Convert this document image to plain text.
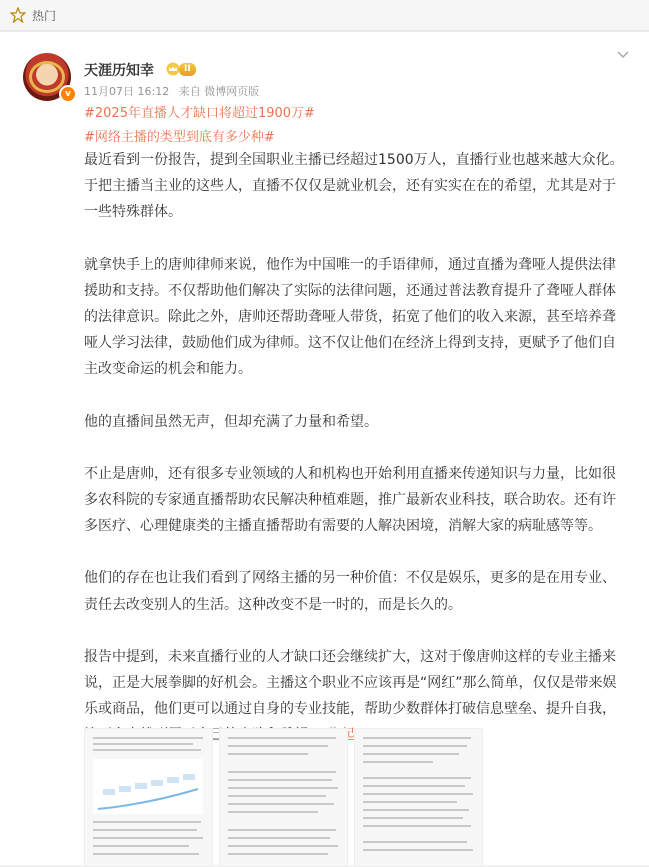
热门
v
天涯历知幸	II
11月07日 16:12 来自 微博网页版
#2025年直播人才缺口将超过1900万#
#网络主播的类型到底有多少种#

最近看到一份报告，提到全国职业主播已经超过1500万人，直播行业也越来越大众化。于把主播当主业的这些人，直播不仅仅是就业机会，还有实实在在的希望，尤其是对于一些特殊群体。

就拿快手上的唐帅律师来说，他作为中国唯一的手语律师，通过直播为聋哑人提供法律援助和支持。不仅帮助他们解决了实际的法律问题，还通过普法教育提升了聋哑人群体的法律意识。除此之外，唐帅还帮助聋哑人带货，拓宽了他们的收入来源，甚至培养聋哑人学习法律，鼓励他们成为律师。这不仅让他们在经济上得到支持，更赋予了他们自主改变命运的机会和能力。

他的直播间虽然无声，但却充满了力量和希望。

不止是唐帅，还有很多专业领域的人和机构也开始利用直播来传递知识与力量，比如很多农科院的专家通直播帮助农民解决种植难题，推广最新农业科技，联合助农。还有许多医疗、心理健康类的主播直播帮助有需要的人解决困境，消解大家的病耻感等等。

他们的存在也让我们看到了网络主播的另一种价值：不仅是娱乐，更多的是在用专业、责任去改变别人的生活。这种改变不是一时的，而是长久的。

报告中提到，未来直播行业的人才缺口还会继续扩大，这对于像唐帅这样的专业主播来说，正是大展拳脚的好机会。主播这个职业不应该再是“网红”那么简单，仅仅是带来娱乐或商品，他们更可以通过自身的专业技能，帮助少数群体打破信息壁垒、提升自我， 己
